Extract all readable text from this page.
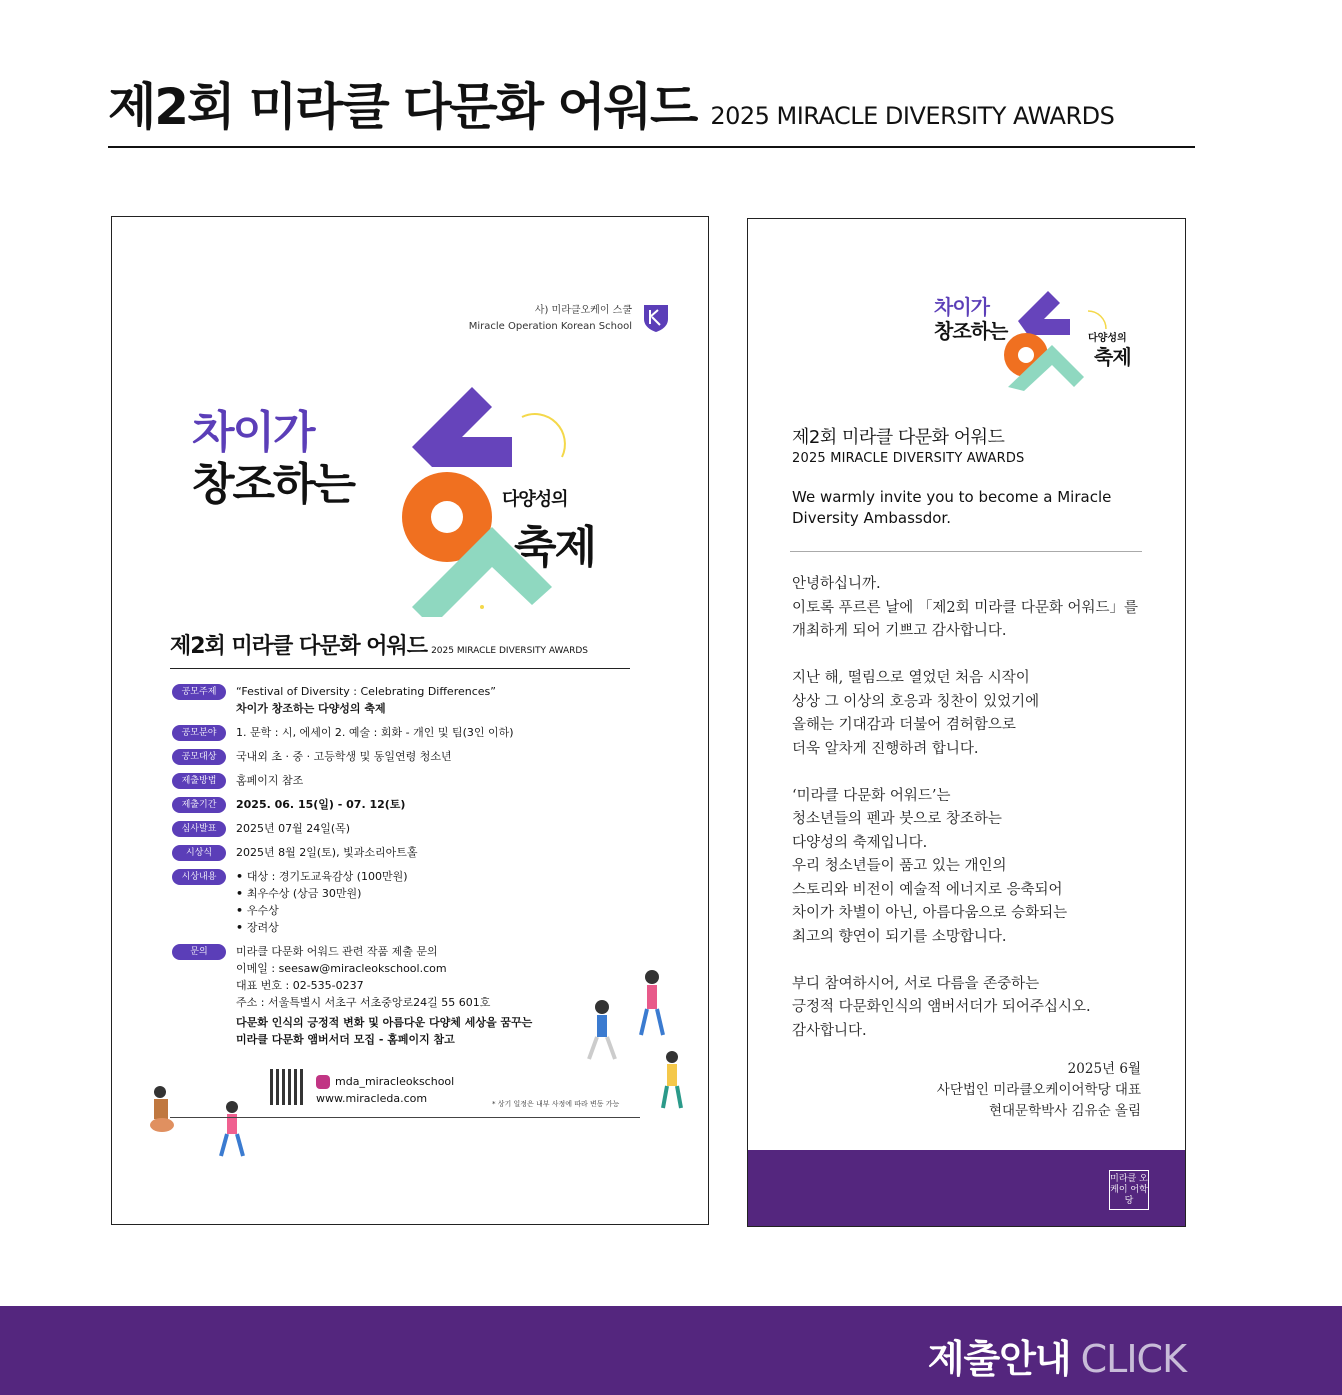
제2회 미라클 다문화 어워드 2025 MIRACLE DIVERSITY AWARDS
사) 미라클오케이 스쿨
Miracle Operation Korean School
차이가
창조하는	다양성의
축제
제2회 미라클 다문화 어워드 2025 MIRACLE DIVERSITY AWARDS
공모주제	“Festival of Diversity : Celebrating Differences”
차이가 창조하는 다양성의 축제
공모분야	1. 문학 : 시, 에세이 2. 예술 : 회화 - 개인 및 팀(3인 이하)
공모대상	국내외 초 · 중 · 고등학생 및 동일연령 청소년
제출방법	홈페이지 참조
제출기간	2025. 06. 15(일) - 07. 12(토)
심사발표	2025년 07월 24일(목)
시상식	2025년 8월 2일(토), 빛과소리아트홀
시상내용
•	대상 : 경기도교육감상 (100만원)
• 최우수상 (상금 30만원)
• 우수상
• 장려상
문의	미라클 다문화 어워드 관련 작품 제출 문의
이메일 : seesaw@miracleokschool.com
대표 번호 : 02-535-0237
주소 : 서울특별시 서초구 서초중앙로24길 55 601호
다문화 인식의 긍정적 변화 및 아름다운 다양체 세상을 꿈꾸는
미라클 다문화 앰버서더 모집 - 홈페이지 참고
mda_miracleokschool
www.miracleda.com	* 상기 일정은 내부 사정에 따라 변동 가능
차이가
창조하는	다양성의
축제
제2회 미라클 다문화 어워드
2025 MIRACLE DIVERSITY AWARDS
We warmly invite you to become a Miracle Diversity Ambassdor.
안녕하십니까.
이토록 푸르른 날에 「제2회 미라클 다문화 어워드」를
개최하게 되어 기쁘고 감사합니다.

지난 해, 떨림으로 열었던 처음 시작이
상상 그 이상의 호응과 칭찬이 있었기에
올해는 기대감과 더불어 겸허함으로
더욱 알차게 진행하려 합니다.

‘미라클 다문화 어워드’는
청소년들의 펜과 붓으로 창조하는
다양성의 축제입니다.
우리 청소년들이 품고 있는 개인의
스토리와 비전이 예술적 에너지로 응축되어
차이가 차별이 아닌, 아름다움으로 승화되는
최고의 향연이 되기를 소망합니다.

부디 참여하시어, 서로 다름을 존중하는
긍정적 다문화인식의 앰버서더가 되어주십시오.
감사합니다.
2025년 6월
사단법인 미라클오케이어학당 대표
현대문학박사 김유순 올림
미라클 오케이 어학당
제출안내 CLICK
